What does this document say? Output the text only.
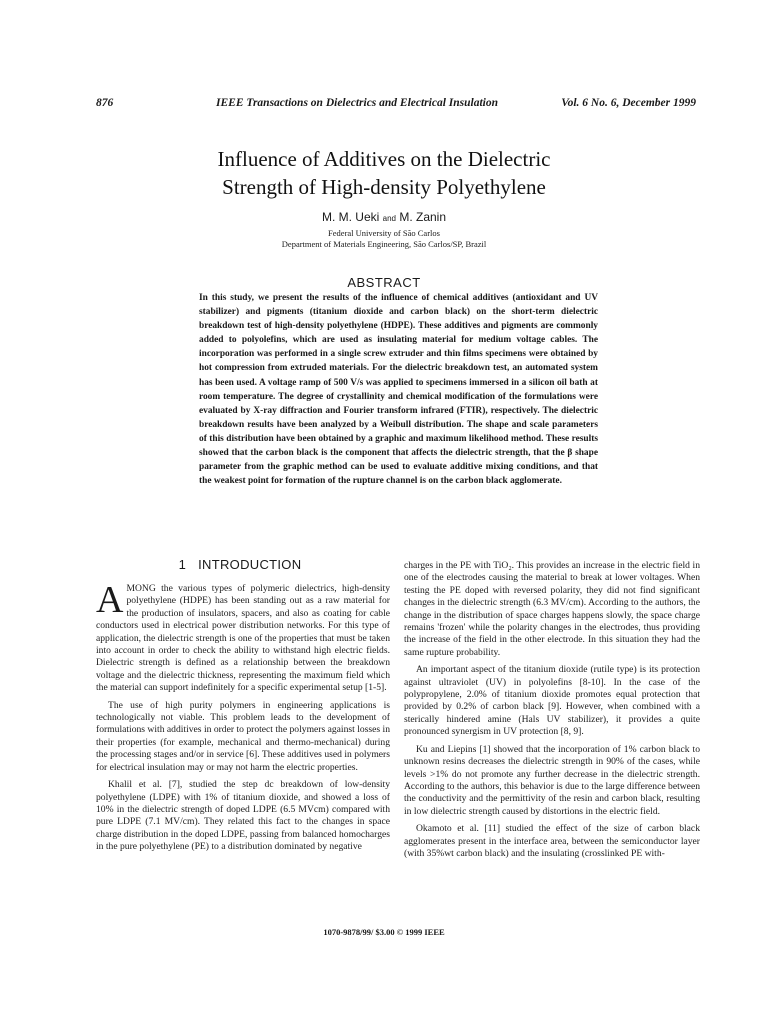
876	IEEE Transactions on Dielectrics and Electrical Insulation	Vol. 6 No. 6, December 1999
Influence of Additives on the Dielectric
Strength of High-density Polyethylene
M. M. Ueki and M. Zanin
Federal University of São Carlos
Department of Materials Engineering, São Carlos/SP, Brazil
ABSTRACT
In this study, we present the results of the influence of chemical additives (antioxidant and UV stabilizer) and pigments (titanium dioxide and carbon black) on the short-term dielectric breakdown test of high-density polyethylene (HDPE). These additives and pigments are commonly added to polyolefins, which are used as insulating material for medium voltage cables. The incorporation was performed in a single screw extruder and thin films specimens were obtained by hot compression from extruded materials. For the dielectric breakdown test, an automated system has been used. A voltage ramp of 500 V/s was applied to specimens immersed in a silicon oil bath at room temperature. The degree of crystallinity and chemical modification of the formulations were evaluated by X-ray diffraction and Fourier transform infrared (FTIR), respectively. The dielectric breakdown results have been analyzed by a Weibull distribution. The shape and scale parameters of this distribution have been obtained by a graphic and maximum likelihood method. These results showed that the carbon black is the component that affects the dielectric strength, that the β shape parameter from the graphic method can be used to evaluate additive mixing conditions, and that the weakest point for formation of the rupture channel is on the carbon black agglomerate.
1 INTRODUCTION

AMONG the various types of polymeric dielectrics, high-density polyethylene (HDPE) has been standing out as a raw material for the production of insulators, spacers, and also as coating for cable conductors used in electrical power distribution networks. For this type of application, the dielectric strength is one of the properties that must be taken into account in order to check the ability to withstand high electric fields. Dielectric strength is defined as a relationship between the breakdown voltage and the dielectric thickness, representing the maximum field which the material can support indefinitely for a specific experimental setup [1-5].

The use of high purity polymers in engineering applications is technologically not viable. This problem leads to the development of formulations with additives in order to protect the polymers against losses in their properties (for example, mechanical and thermo-mechanical) during the processing stages and/or in service [6]. These additives used in polymers for electrical insulation may or may not harm the electric properties.

Khalil et al. [7], studied the step dc breakdown of low-density polyethylene (LDPE) with 1% of titanium dioxide, and showed a loss of 10% in the dielectric strength of doped LDPE (6.5 MVcm) compared with pure LDPE (7.1 MV/cm). They related this fact to the changes in space charge distribution in the doped LDPE, passing from balanced homocharges in the pure polyethylene (PE) to a distribution dominated by negative

charges in the PE with TiO₂. This provides an increase in the electric field in one of the electrodes causing the material to break at lower voltages. When testing the PE doped with reversed polarity, they did not find significant changes in the dielectric strength (6.3 MV/cm). According to the authors, the change in the distribution of space charges happens slowly, the space charge remains 'frozen' while the polarity changes in the electrodes, thus providing the increase of the field in the other electrode. In this situation they had the same rupture probability.

An important aspect of the titanium dioxide (rutile type) is its protection against ultraviolet (UV) in polyolefins [8-10]. In the case of the polypropylene, 2.0% of titanium dioxide promotes equal protection that provided by 0.2% of carbon black [9]. However, when combined with a sterically hindered amine (Hals UV stabilizer), it provides a quite pronounced synergism in UV protection [8, 9].

Ku and Liepins [1] showed that the incorporation of 1% carbon black to unknown resins decreases the dielectric strength in 90% of the cases, while levels >1% do not promote any further decrease in the dielectric strength. According to the authors, this behavior is due to the large difference between the conductivity and the permittivity of the resin and carbon black, resulting in low dielectric strength caused by distortions in the electric field.

Okamoto et al. [11] studied the effect of the size of carbon black agglomerates present in the interface area, between the semiconductor layer (with 35%wt carbon black) and the insulating (crosslinked PE with-

1070-9878/99/ $3.00 © 1999 IEEE
